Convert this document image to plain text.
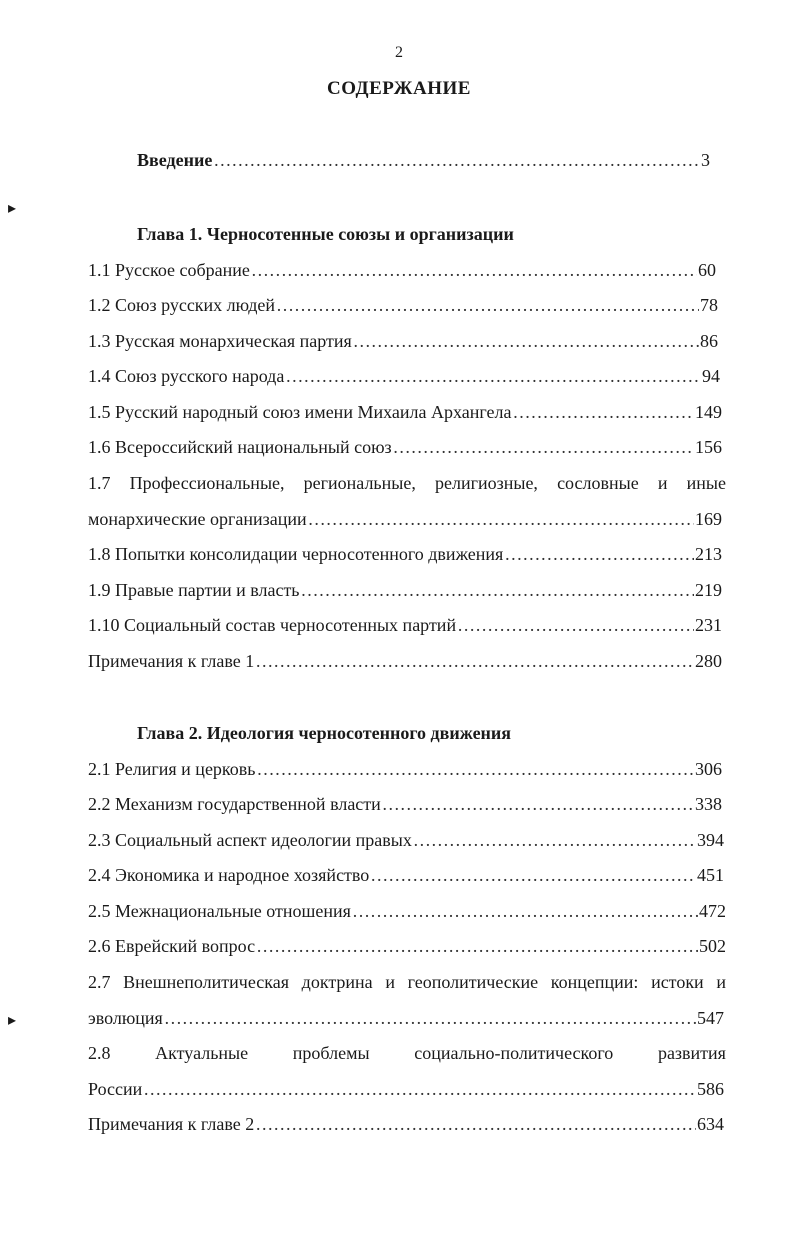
2
СОДЕРЖАНИЕ
▸
▸
Введение …………………………………………………………………………………………………………………………………………	3
Глава 1. Черносотенные союзы и организации
1.1 Русское собрание …………………………………………………………………………………………………………………………………………	60
1.2 Союз русских людей …………………………………………………………………………………………………………………………………………	78
1.3 Русская монархическая партия …………………………………………………………………………………………………………………………………………	86
1.4 Союз русского народа …………………………………………………………………………………………………………………………………………	94
1.5 Русский народный союз имени Михаила Архангела …………………………………………………………………………………………………………………………………………	149
1.6 Всероссийский национальный союз …………………………………………………………………………………………………………………………………………	156
1.7 Профессиональные, региональные, религиозные, сословные и иные
монархические организации …………………………………………………………………………………………………………………………………………	169
1.8 Попытки консолидации черносотенного движения …………………………………………………………………………………………………………………………………………	213
1.9 Правые партии и власть …………………………………………………………………………………………………………………………………………	219
1.10 Социальный состав черносотенных партий …………………………………………………………………………………………………………………………………………	231
Примечания к главе 1 …………………………………………………………………………………………………………………………………………	280
Глава 2. Идеология черносотенного движения
2.1 Религия и церковь …………………………………………………………………………………………………………………………………………	306
2.2 Механизм государственной власти …………………………………………………………………………………………………………………………………………	338
2.3 Социальный аспект идеологии правых …………………………………………………………………………………………………………………………………………	394
2.4 Экономика и народное хозяйство …………………………………………………………………………………………………………………………………………	451
2.5 Межнациональные отношения …………………………………………………………………………………………………………………………………………	472
2.6 Еврейский вопрос …………………………………………………………………………………………………………………………………………	502
2.7 Внешнеполитическая доктрина и геополитические концепции: истоки и
эволюция …………………………………………………………………………………………………………………………………………	547
2.8 Актуальные проблемы социально-политического развития
России …………………………………………………………………………………………………………………………………………	586
Примечания к главе 2 …………………………………………………………………………………………………………………………………………	634
